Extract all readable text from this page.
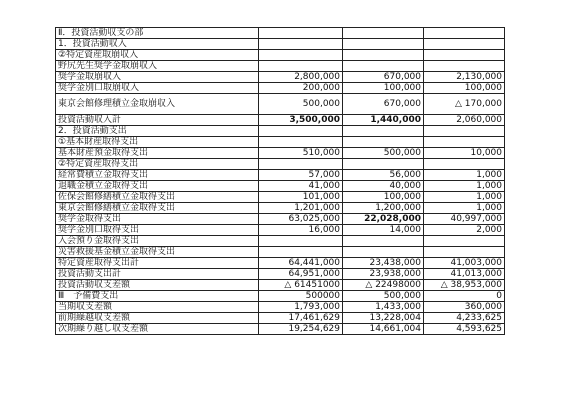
Ⅱ．投資活動収支の部			
1．投資活動収入			
②特定資産取崩収入			
野尻先生奨学金取崩収入			
奨学金取崩収入	2,800,000	670,000	2,130,000
奨学金別口取崩収入	200,000	100,000	100,000
東京会館修理積立金取崩収入	500,000	670,000	△ 170,000
投資活動収入計	3,500,000	1,440,000	2,060,000
2．投資活動支出			
①基本財産取得支出			
基本財産預金取得支出	510,000	500,000	10,000
②特定資産取得支出			
経常費積立金取得支出	57,000	56,000	1,000
退職金積立金取得支出	41,000	40,000	1,000
佐保会館修繕積立金取得支出	101,000	100,000	1,000
東京会館修繕積立金取得支出	1,201,000	1,200,000	1,000
奨学金取得支出	63,025,000	22,028,000	40,997,000
奨学金別口取得支出	16,000	14,000	2,000
入会預り金取得支出			
災害救援基金積立金取得支出			
特定資産取得支出計	64,441,000	23,438,000	41,003,000
投資活動支出計	64,951,000	23,938,000	41,013,000
投資活動収支差額	△ 61451000	△ 22498000	△ 38,953,000
Ⅲ　予備費支出	500000	500,000	0
当期収支差額	1,793,000	1,433,000	360,000
前期繰越収支差額	17,461,629	13,228,004	4,233,625
次期繰り越し収支差額	19,254,629	14,661,004	4,593,625
